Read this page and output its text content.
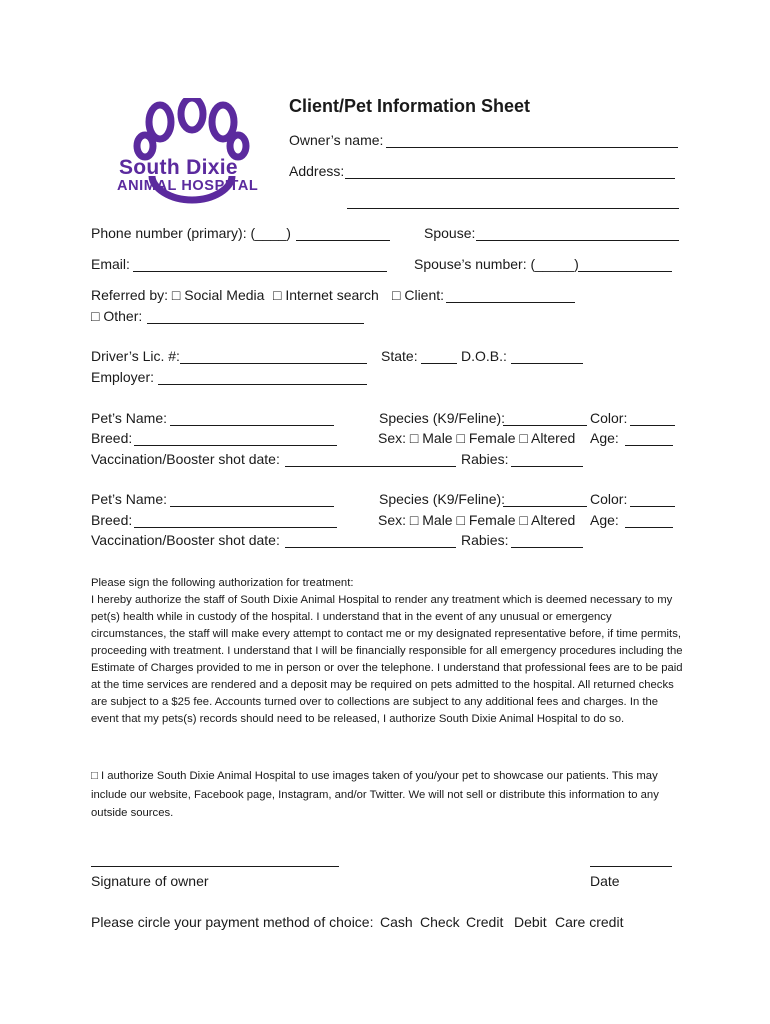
South Dixie
ANIMAL HOSPITAL
Client/Pet Information Sheet
Owner’s name:
Address:
Phone number (primary): (____)	Spouse:
Email:	Spouse’s number: (_____)
Referred by: □ Social Media □ Internet search □ Client:
□ Other:
Driver’s Lic. #:	State:	D.O.B.:
Employer:
Pet’s Name:	Species (K9/Feline):	Color:
Breed:	Sex: □ Male □ Female □ Altered Age:
Vaccination/Booster shot date:	Rabies:
Pet’s Name:	Species (K9/Feline):	Color:
Breed:	Sex: □ Male □ Female □ Altered Age:
Vaccination/Booster shot date:	Rabies:
Please sign the following authorization for treatment:
I hereby authorize the staff of South Dixie Animal Hospital to render any treatment which is deemed necessary to my pet(s) health while in custody of the hospital. I understand that in the event of any unusual or emergency circumstances, the staff will make every attempt to contact me or my designated representative before, if time permits, proceeding with treatment. I understand that I will be financially responsible for all emergency procedures including the Estimate of Charges provided to me in person or over the telephone. I understand that professional fees are to be paid at the time services are rendered and a deposit may be required on pets admitted to the hospital. All returned checks are subject to a $25 fee. Accounts turned over to collections are subject to any additional fees and charges. In the event that my pets(s) records should need to be released, I authorize South Dixie Animal Hospital to do so.
□ I authorize South Dixie Animal Hospital to use images taken of you/your pet to showcase our patients. This may include our website, Facebook page, Instagram, and/or Twitter. We will not sell or distribute this information to any outside sources.
Signature of owner	Date
Please circle your payment method of choice: Cash Check Credit Debit Care credit
